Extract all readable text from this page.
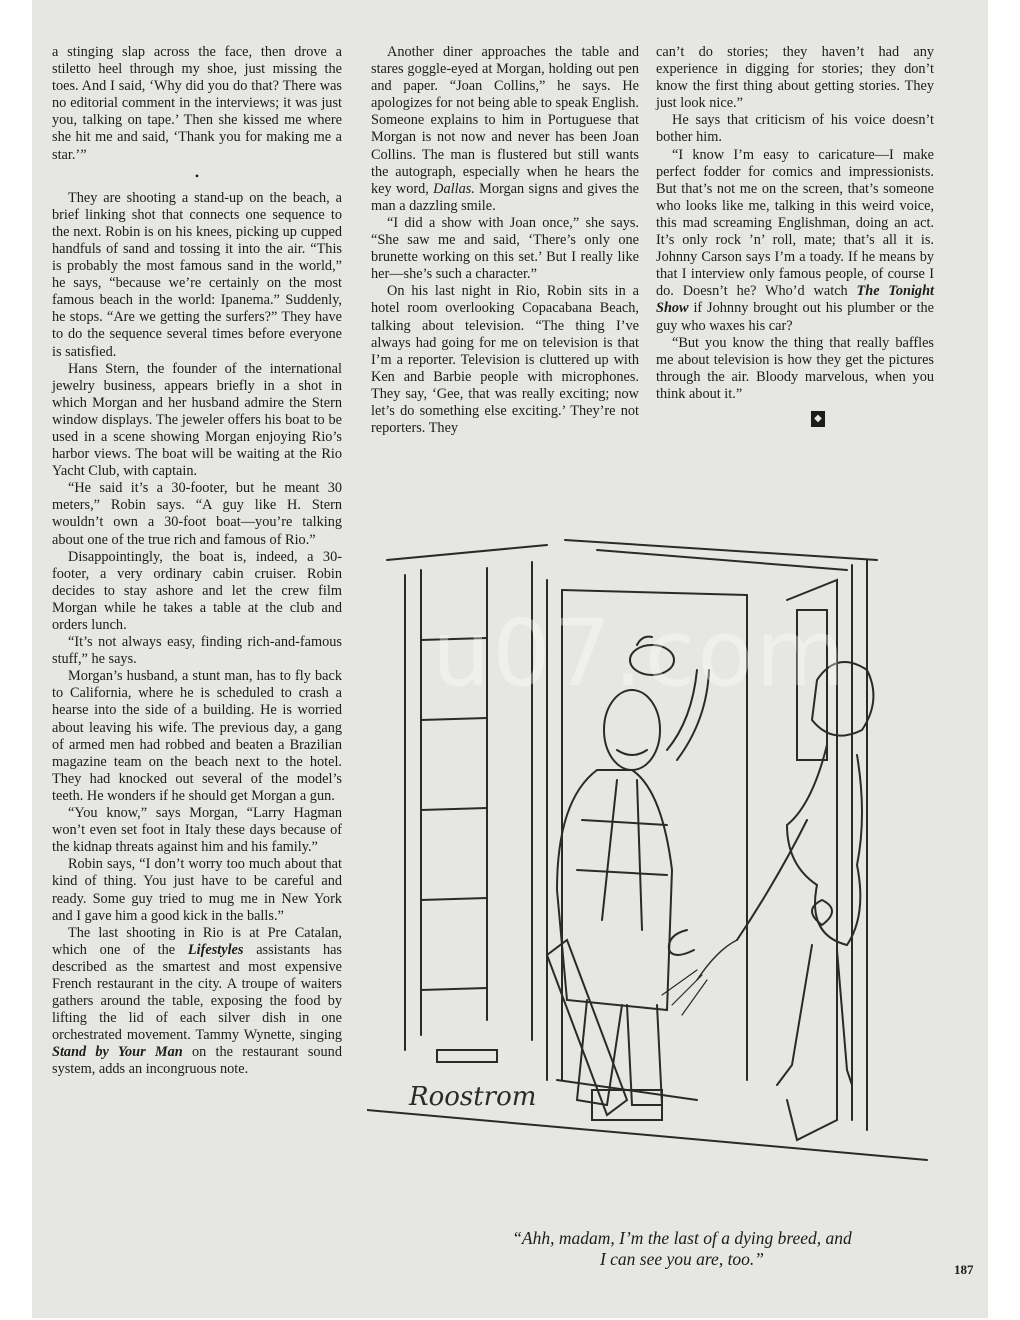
a stinging slap across the face, then drove a stiletto heel through my shoe, just missing the toes. And I said, ‘Why did you do that? There was no editorial comment in the interviews; it was just you, talking on tape.’ Then she kissed me where she hit me and said, ‘Thank you for making me a star.’”

•

They are shooting a stand-up on the beach, a brief linking shot that connects one sequence to the next. Robin is on his knees, picking up cupped handfuls of sand and tossing it into the air. “This is probably the most famous sand in the world,” he says, “because we’re certainly on the most famous beach in the world: Ipanema.” Suddenly, he stops. “Are we getting the surfers?” They have to do the sequence several times before everyone is satisfied.

Hans Stern, the founder of the international jewelry business, appears briefly in a shot in which Morgan and her husband admire the Stern window displays. The jeweler offers his boat to be used in a scene showing Morgan enjoying Rio’s harbor views. The boat will be waiting at the Rio Yacht Club, with captain.

“He said it’s a 30-footer, but he meant 30 meters,” Robin says. “A guy like H. Stern wouldn’t own a 30-foot boat—you’re talking about one of the true rich and famous of Rio.”

Disappointingly, the boat is, indeed, a 30-footer, a very ordinary cabin cruiser. Robin decides to stay ashore and let the crew film Morgan while he takes a table at the club and orders lunch.

“It’s not always easy, finding rich-and-famous stuff,” he says.

Morgan’s husband, a stunt man, has to fly back to California, where he is scheduled to crash a hearse into the side of a building. He is worried about leaving his wife. The previous day, a gang of armed men had robbed and beaten a Brazilian magazine team on the beach next to the hotel. They had knocked out several of the model’s teeth. He wonders if he should get Morgan a gun.

“You know,” says Morgan, “Larry Hagman won’t even set foot in Italy these days because of the kidnap threats against him and his family.”

Robin says, “I don’t worry too much about that kind of thing. You just have to be careful and ready. Some guy tried to mug me in New York and I gave him a good kick in the balls.”

The last shooting in Rio is at Pre Catalan, which one of the Lifestyles assistants has described as the smartest and most expensive French restaurant in the city. A troupe of waiters gathers around the table, exposing the food by lifting the lid of each silver dish in one orchestrated movement. Tammy Wynette, singing Stand by Your Man on the restaurant sound system, adds an incongruous note.

Another diner approaches the table and stares goggle-eyed at Morgan, holding out pen and paper. “Joan Collins,” he says. He apologizes for not being able to speak English. Someone explains to him in Portuguese that Morgan is not now and never has been Joan Collins. The man is flustered but still wants the autograph, especially when he hears the key word, Dallas. Morgan signs and gives the man a dazzling smile.

“I did a show with Joan once,” she says. “She saw me and said, ‘There’s only one brunette working on this set.’ But I really like her—she’s such a character.”

On his last night in Rio, Robin sits in a hotel room overlooking Copacabana Beach, talking about television. “The thing I’ve always had going for me on television is that I’m a reporter. Television is cluttered up with Ken and Barbie people with microphones. They say, ‘Gee, that was really exciting; now let’s do something else exciting.’ They’re not reporters. They

can’t do stories; they haven’t had any experience in digging for stories; they don’t know the first thing about getting stories. They just look nice.”

He says that criticism of his voice doesn’t bother him.

“I know I’m easy to caricature—I make perfect fodder for comics and impressionists. But that’s not me on the screen, that’s someone who looks like me, talking in this weird voice, this mad screaming Englishman, doing an act. It’s only rock ’n’ roll, mate; that’s all it is. Johnny Carson says I’m a toady. If he means by that I interview only famous people, of course I do. Doesn’t he? Who’d watch The Tonight Show if Johnny brought out his plumber or the guy who waxes his car?

“But you know the thing that really baffles me about television is how they get the pictures through the air. Bloody marvelous, when you think about it.”

◆
Roostrom
u07.com
“Ahh, madam, I’m the last of a dying breed, and
I can see you are, too.”
187
